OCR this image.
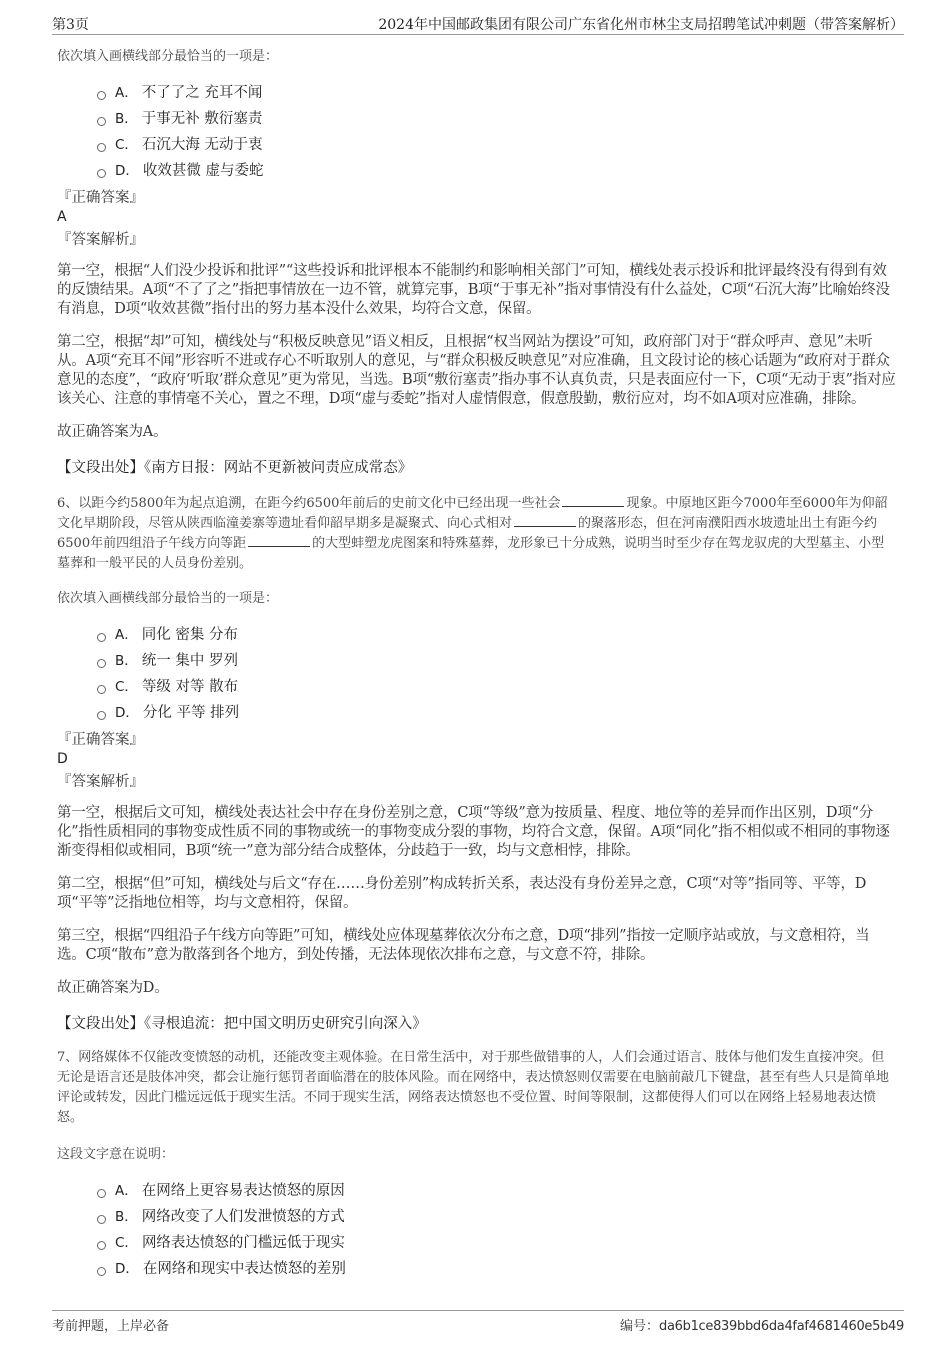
第3页	2024年中国邮政集团有限公司广东省化州市林尘支局招聘笔试冲刺题（带答案解析）
依次填入画横线部分最恰当的一项是：
A． 不了了之 充耳不闻
B． 于事无补 敷衍塞责
C． 石沉大海 无动于衷
D． 收效甚微 虚与委蛇
『正确答案』
A
『答案解析』
第一空，根据“人们没少投诉和批评”“这些投诉和批评根本不能制约和影响相关部门”可知，横线处表示投诉和批评最终没有得到有效的反馈结果。A项“不了了之”指把事情放在一边不管，就算完事，B项“于事无补”指对事情没有什么益处，C项“石沉大海”比喻始终没有消息，D项“收效甚微”指付出的努力基本没什么效果，均符合文意，保留。
第二空，根据“却”可知，横线处与“积极反映意见”语义相反，且根据“权当网站为摆设”可知，政府部门对于“群众呼声、意见”未听从。A项“充耳不闻”形容听不进或存心不听取别人的意见，与“群众积极反映意见”对应准确，且文段讨论的核心话题为“政府对于群众意见的态度”，“政府‘听取’群众意见”更为常见，当选。B项“敷衍塞责”指办事不认真负责，只是表面应付一下，C项“无动于衷”指对应该关心、注意的事情毫不关心，置之不理，D项“虚与委蛇”指对人虚情假意，假意殷勤，敷衍应对，均不如A项对应准确，排除。
故正确答案为A。
【文段出处】《南方日报：网站不更新被问责应成常态》
6、以距今约5800年为起点追溯，在距今约6500年前后的史前文化中已经出现一些社会	现象。中原地区距今7000年至6000年为仰韶文化早期阶段，尽管从陕西临潼姜寨等遗址看仰韶早期多是凝聚式、向心式相对	的聚落形态，但在河南濮阳西水坡遗址出土有距今约6500年前四组沿子午线方向等距	的大型蚌塑龙虎图案和特殊墓葬，龙形象已十分成熟，说明当时至少存在驾龙驭虎的大型墓主、小型墓葬和一般平民的人员身份差别。
依次填入画横线部分最恰当的一项是：
A． 同化 密集 分布
B． 统一 集中 罗列
C． 等级 对等 散布
D． 分化 平等 排列
『正确答案』
D
『答案解析』
第一空，根据后文可知，横线处表达社会中存在身份差别之意，C项“等级”意为按质量、程度、地位等的差异而作出区别，D项“分化”指性质相同的事物变成性质不同的事物或统一的事物变成分裂的事物，均符合文意，保留。A项“同化”指不相似或不相同的事物逐渐变得相似或相同，B项“统一”意为部分结合成整体，分歧趋于一致，均与文意相悖，排除。
第二空，根据“但”可知，横线处与后文“存在……身份差别”构成转折关系，表达没有身份差异之意，C项“对等”指同等、平等，D项“平等”泛指地位相等，均与文意相符，保留。
第三空，根据“四组沿子午线方向等距”可知，横线处应体现墓葬依次分布之意，D项“排列”指按一定顺序站或放，与文意相符，当选。C项“散布”意为散落到各个地方，到处传播，无法体现依次排布之意，与文意不符，排除。
故正确答案为D。
【文段出处】《寻根追流：把中国文明历史研究引向深入》
7、网络媒体不仅能改变愤怒的动机，还能改变主观体验。在日常生活中，对于那些做错事的人，人们会通过语言、肢体与他们发生直接冲突。但无论是语言还是肢体冲突，都会让施行惩罚者面临潜在的肢体风险。而在网络中，表达愤怒则仅需要在电脑前敲几下键盘，甚至有些人只是简单地评论或转发，因此门槛远远低于现实生活。不同于现实生活，网络表达愤怒也不受位置、时间等限制，这都使得人们可以在网络上轻易地表达愤怒。
这段文字意在说明：
A． 在网络上更容易表达愤怒的原因
B． 网络改变了人们发泄愤怒的方式
C． 网络表达愤怒的门槛远低于现实
D． 在网络和现实中表达愤怒的差别
考前押题，上岸必备	编号：da6b1ce839bbd6da4faf4681460e5b49
